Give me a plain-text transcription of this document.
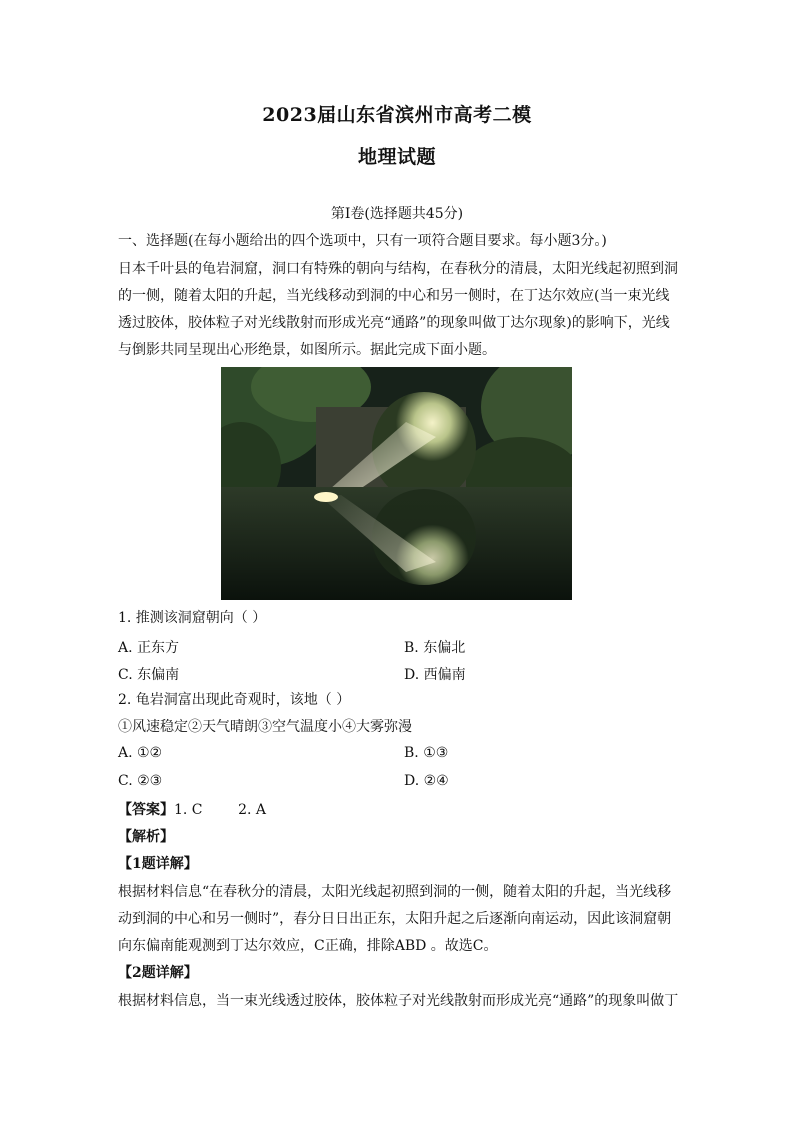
2023届山东省滨州市高考二模
地理试题
第I卷(选择题共45分)
一、选择题(在每小题给出的四个选项中，只有一项符合题目要求。每小题3分。)
日本千叶县的龟岩洞窟，洞口有特殊的朝向与结构，在春秋分的清晨，太阳光线起初照到洞
的一侧，随着太阳的升起，当光线移动到洞的中心和另一侧时，在丁达尔效应(当一束光线
透过胶体，胶体粒子对光线散射而形成光亮“通路”的现象叫做丁达尔现象)的影响下，光线
与倒影共同呈现出心形绝景，如图所示。据此完成下面小题。
1. 推测该洞窟朝向（ ）
A. 正东方	B. 东偏北
C. 东偏南	D. 西偏南
2. 龟岩洞富出现此奇观时，该地（ ）
①风速稳定②天气晴朗③空气温度小④大雾弥漫
A. ①②	B. ①③
C. ②③	D. ②④
【答案】1. C        2. A
【解析】
【1题详解】
根据材料信息“在春秋分的清晨，太阳光线起初照到洞的一侧，随着太阳的升起，当光线移
动到洞的中心和另一侧时”，春分日日出正东，太阳升起之后逐渐向南运动，因此该洞窟朝
向东偏南能观测到丁达尔效应，C正确，排除ABD 。故选C。
【2题详解】
根据材料信息，当一束光线透过胶体，胶体粒子对光线散射而形成光亮“通路”的现象叫做丁
